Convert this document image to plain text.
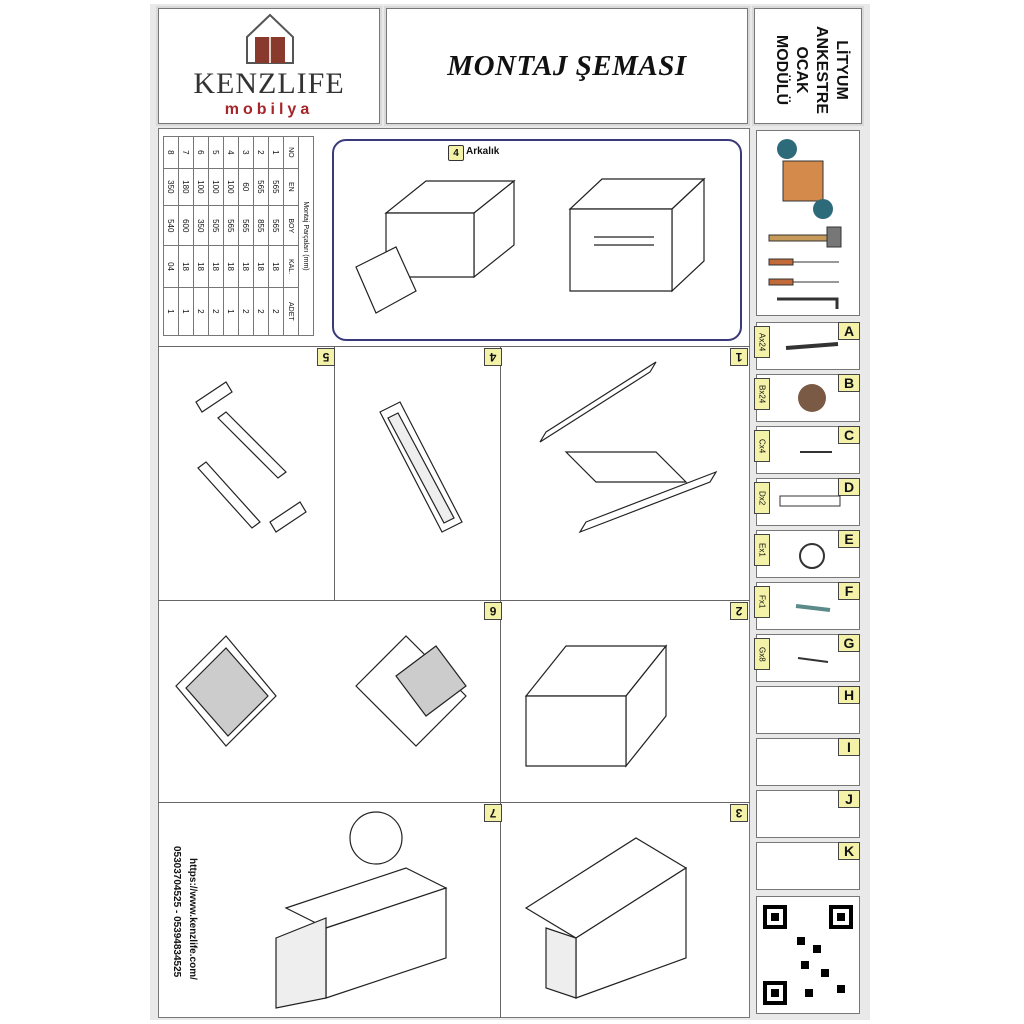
KENZLIFE
mobilya
MONTAJ ŞEMASI	LİTYUM
ANKESTRE
OCAK
MODÜLÜ
Montaj Parçaları (mm)				
NO	EN	BOY	KAL.	ADET
1	565	565	18	2
2	565	855	18	2
3	60	565	18	2
4	100	565	18	1
5	100	505	18	2
6	100	350	18	2
7	180	600	18	1
8	350	540	04	1
4 Arkalık
5	4	1
6	2
7	3
A
Ax24
B
Bx24
C
Cx4
D
Dx2
E
Ex1
F
Fx1
G
Gx8
H
I
J
K
https://www.kenzlife.com/
05303704525 - 05394834525
